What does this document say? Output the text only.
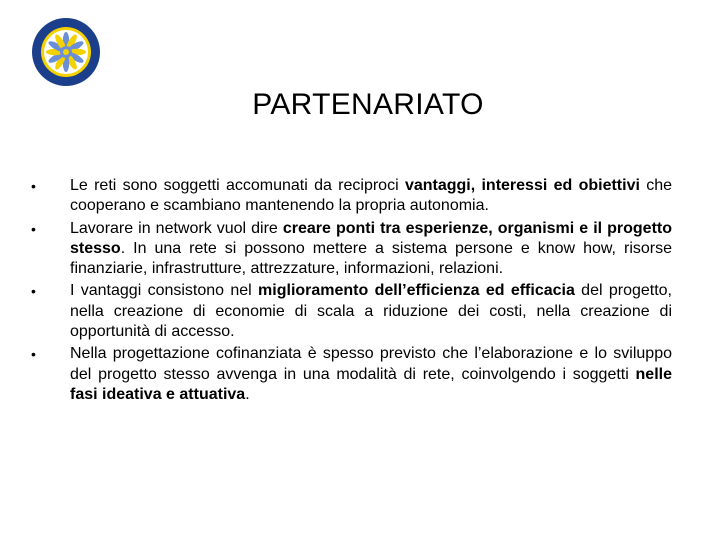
PARTENARIATO
• Le reti sono soggetti accomunati da reciproci vantaggi, interessi ed obiettivi che cooperano e scambiano mantenendo la propria autonomia.
• Lavorare in network vuol dire creare ponti tra esperienze, organismi e il progetto stesso. In una rete si possono mettere a sistema persone e know how, risorse finanziarie, infrastrutture, attrezzature, informazioni, relazioni.
• I vantaggi consistono nel miglioramento dell’efficienza ed efficacia del progetto, nella creazione di economie di scala a riduzione dei costi, nella creazione di opportunità di accesso.
• Nella progettazione cofinanziata è spesso previsto che l’elaborazione e lo sviluppo del progetto stesso avvenga in una modalità di rete, coinvolgendo i soggetti nelle fasi ideativa e attuativa.
